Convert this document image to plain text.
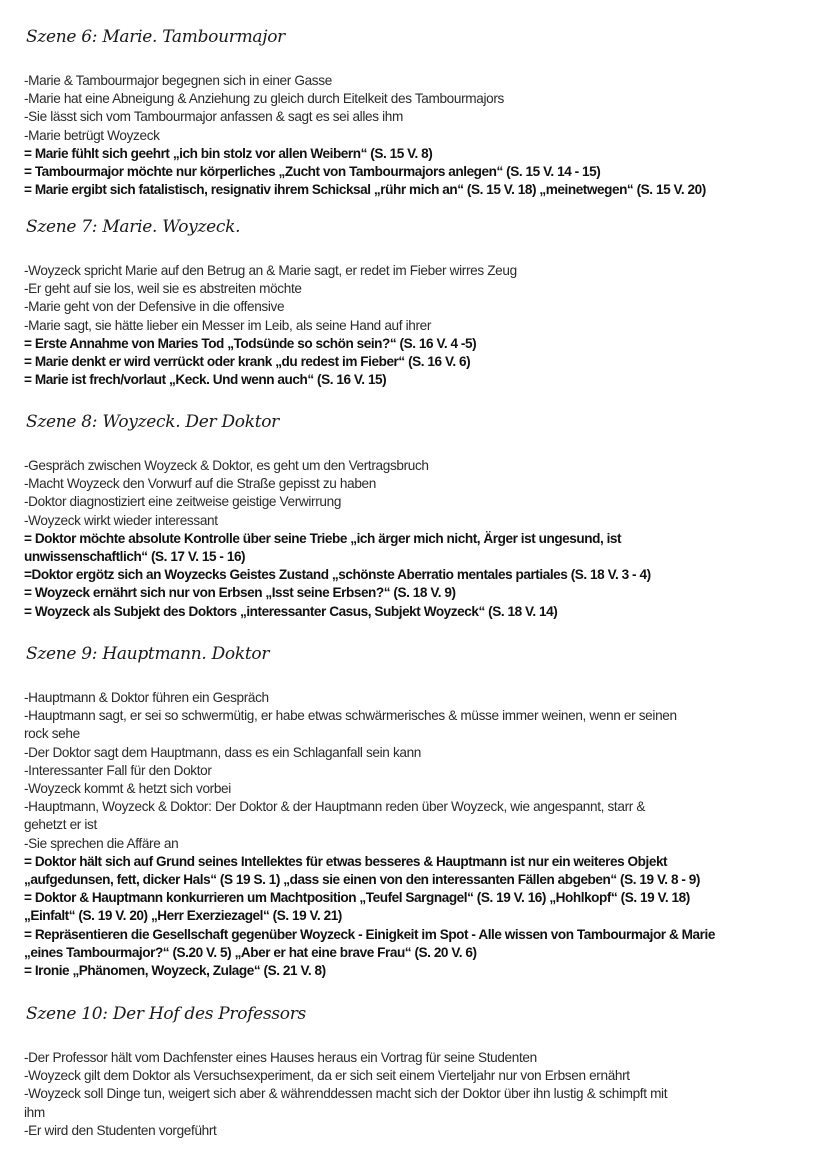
Szene 6: Marie. Tambourmajor
-Marie & Tambourmajor begegnen sich in einer Gasse
-Marie hat eine Abneigung & Anziehung zu gleich durch Eitelkeit des Tambourmajors
-Sie lässt sich vom Tambourmajor anfassen & sagt es sei alles ihm
-Marie betrügt Woyzeck
= Marie fühlt sich geehrt „ich bin stolz vor allen Weibern“ (S. 15 V. 8)
= Tambourmajor möchte nur körperliches „Zucht von Tambourmajors anlegen“ (S. 15 V. 14 - 15)
= Marie ergibt sich fatalistisch, resignativ ihrem Schicksal „rühr mich an“ (S. 15 V. 18) „meinetwegen“ (S. 15 V. 20)
Szene 7: Marie. Woyzeck.
-Woyzeck spricht Marie auf den Betrug an & Marie sagt, er redet im Fieber wirres Zeug
-Er geht auf sie los, weil sie es abstreiten möchte
-Marie geht von der Defensive in die offensive
-Marie sagt, sie hätte lieber ein Messer im Leib, als seine Hand auf ihrer
= Erste Annahme von Maries Tod „Todsünde so schön sein?“ (S. 16 V. 4 -5)
= Marie denkt er wird verrückt oder krank „du redest im Fieber“ (S. 16 V. 6)
= Marie ist frech/vorlaut „Keck. Und wenn auch“ (S. 16 V. 15)
Szene 8: Woyzeck. Der Doktor
-Gespräch zwischen Woyzeck & Doktor, es geht um den Vertragsbruch
-Macht Woyzeck den Vorwurf auf die Straße gepisst zu haben
-Doktor diagnostiziert eine zeitweise geistige Verwirrung
-Woyzeck wirkt wieder interessant
= Doktor möchte absolute Kontrolle über seine Triebe „ich ärger mich nicht, Ärger ist ungesund, ist
unwissenschaftlich“ (S. 17 V. 15 - 16)
=Doktor ergötz sich an Woyzecks Geistes Zustand „schönste Aberratio mentales partiales (S. 18 V. 3 - 4)
= Woyzeck ernährt sich nur von Erbsen „Isst seine Erbsen?“ (S. 18 V. 9)
= Woyzeck als Subjekt des Doktors „interessanter Casus, Subjekt Woyzeck“ (S. 18 V. 14)
Szene 9: Hauptmann. Doktor
-Hauptmann & Doktor führen ein Gespräch
-Hauptmann sagt, er sei so schwermütig, er habe etwas schwärmerisches & müsse immer weinen, wenn er seinen
rock sehe
-Der Doktor sagt dem Hauptmann, dass es ein Schlaganfall sein kann
-Interessanter Fall für den Doktor
-Woyzeck kommt & hetzt sich vorbei
-Hauptmann, Woyzeck & Doktor: Der Doktor & der Hauptmann reden über Woyzeck, wie angespannt, starr &
gehetzt er ist
-Sie sprechen die Affäre an
= Doktor hält sich auf Grund seines Intellektes für etwas besseres & Hauptmann ist nur ein weiteres Objekt
„aufgedunsen, fett, dicker Hals“ (S 19 S. 1) „dass sie einen von den interessanten Fällen abgeben“ (S. 19 V. 8 - 9)
= Doktor & Hauptmann konkurrieren um Machtposition „Teufel Sargnagel“ (S. 19 V. 16) „Hohlkopf“ (S. 19 V. 18)
„Einfalt“ (S. 19 V. 20) „Herr Exerziezagel“ (S. 19 V. 21)
= Repräsentieren die Gesellschaft gegenüber Woyzeck - Einigkeit im Spot - Alle wissen von Tambourmajor & Marie
„eines Tambourmajor?“ (S.20 V. 5) „Aber er hat eine brave Frau“ (S. 20 V. 6)
= Ironie „Phänomen, Woyzeck, Zulage“ (S. 21 V. 8)
Szene 10: Der Hof des Professors
-Der Professor hält vom Dachfenster eines Hauses heraus ein Vortrag für seine Studenten
-Woyzeck gilt dem Doktor als Versuchsexperiment, da er sich seit einem Vierteljahr nur von Erbsen ernährt
-Woyzeck soll Dinge tun, weigert sich aber & währenddessen macht sich der Doktor über ihn lustig & schimpft mit
ihm
-Er wird den Studenten vorgeführt
